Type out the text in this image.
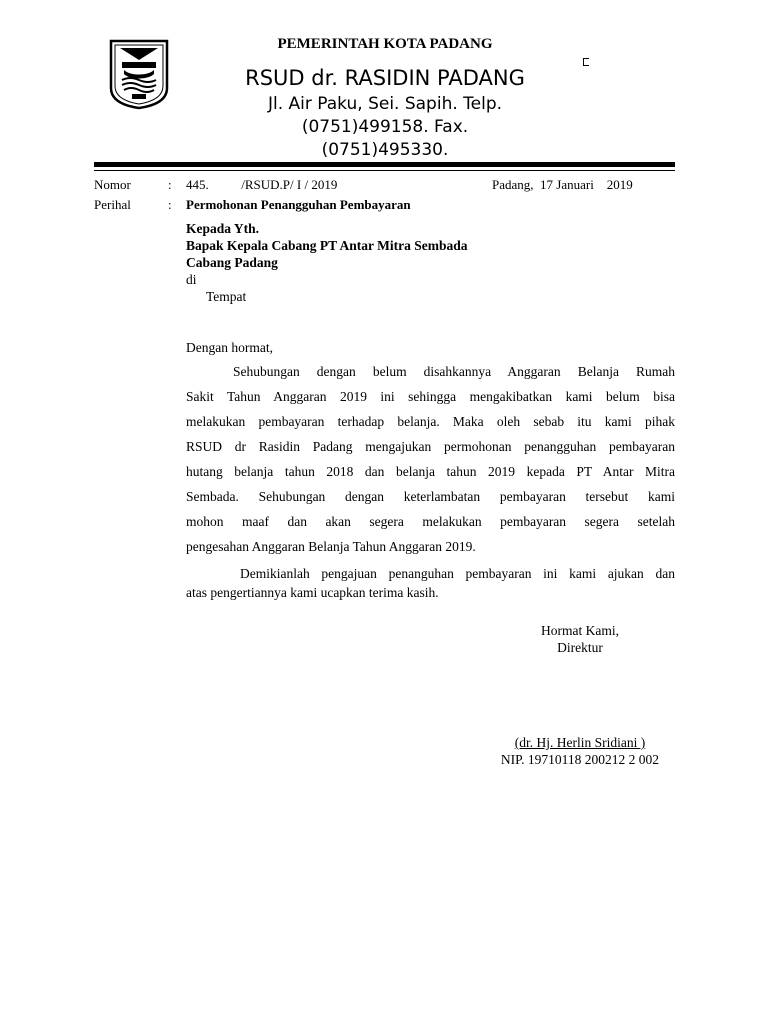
PEMERINTAH KOTA PADANG
RSUD dr. RASIDIN PADANG
Jl. Air Paku, Sei. Sapih. Telp.
(0751)499158. Fax.
(0751)495330.
Nomor	: 445.          /RSUD.P/ I / 2019	Padang,  17 Januari    2019
Perihal	: Permohonan Penangguhan Pembayaran
Kepada Yth.
Bapak Kepala Cabang PT Antar Mitra Sembada
Cabang Padang
di
Tempat
Dengan hormat,
Sehubungan dengan belum disahkannya Anggaran Belanja Rumah
Sakit Tahun Anggaran 2019 ini sehingga mengakibatkan kami belum bisa
melakukan pembayaran terhadap belanja. Maka oleh sebab itu kami pihak
RSUD dr Rasidin Padang mengajukan permohonan penangguhan pembayaran
hutang belanja tahun 2018 dan belanja tahun 2019 kepada PT Antar Mitra
Sembada. Sehubungan dengan keterlambatan pembayaran tersebut kami
mohon maaf dan akan segera melakukan pembayaran segera setelah
pengesahan Anggaran Belanja Tahun Anggaran 2019.
Demikianlah pengajuan penanguhan pembayaran ini kami ajukan dan
atas pengertiannya kami ucapkan terima kasih.
Hormat Kami,
Direktur
(dr. Hj. Herlin Sridiani )
NIP. 19710118 200212 2 002
